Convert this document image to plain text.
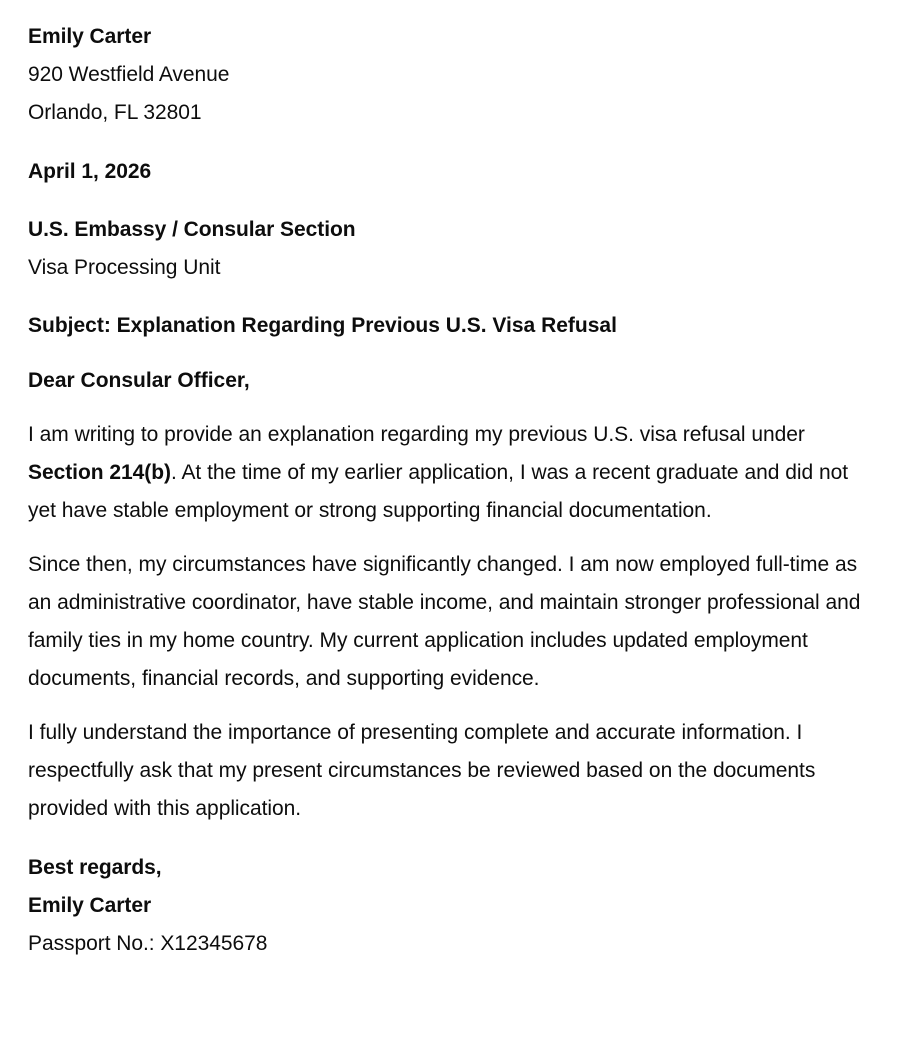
Emily Carter
920 Westfield Avenue
Orlando, FL 32801
April 1, 2026
U.S. Embassy / Consular Section
Visa Processing Unit
Subject: Explanation Regarding Previous U.S. Visa Refusal
Dear Consular Officer,

I am writing to provide an explanation regarding my previous U.S. visa refusal under Section 214(b). At the time of my earlier application, I was a recent graduate and did not yet have stable employment or strong supporting financial documentation.

Since then, my circumstances have significantly changed. I am now employed full-time as an administrative coordinator, have stable income, and maintain stronger professional and family ties in my home country. My current application includes updated employment documents, financial records, and supporting evidence.

I fully understand the importance of presenting complete and accurate information. I respectfully ask that my present circumstances be reviewed based on the documents provided with this application.

Best regards,
Emily Carter
Passport No.: X12345678
